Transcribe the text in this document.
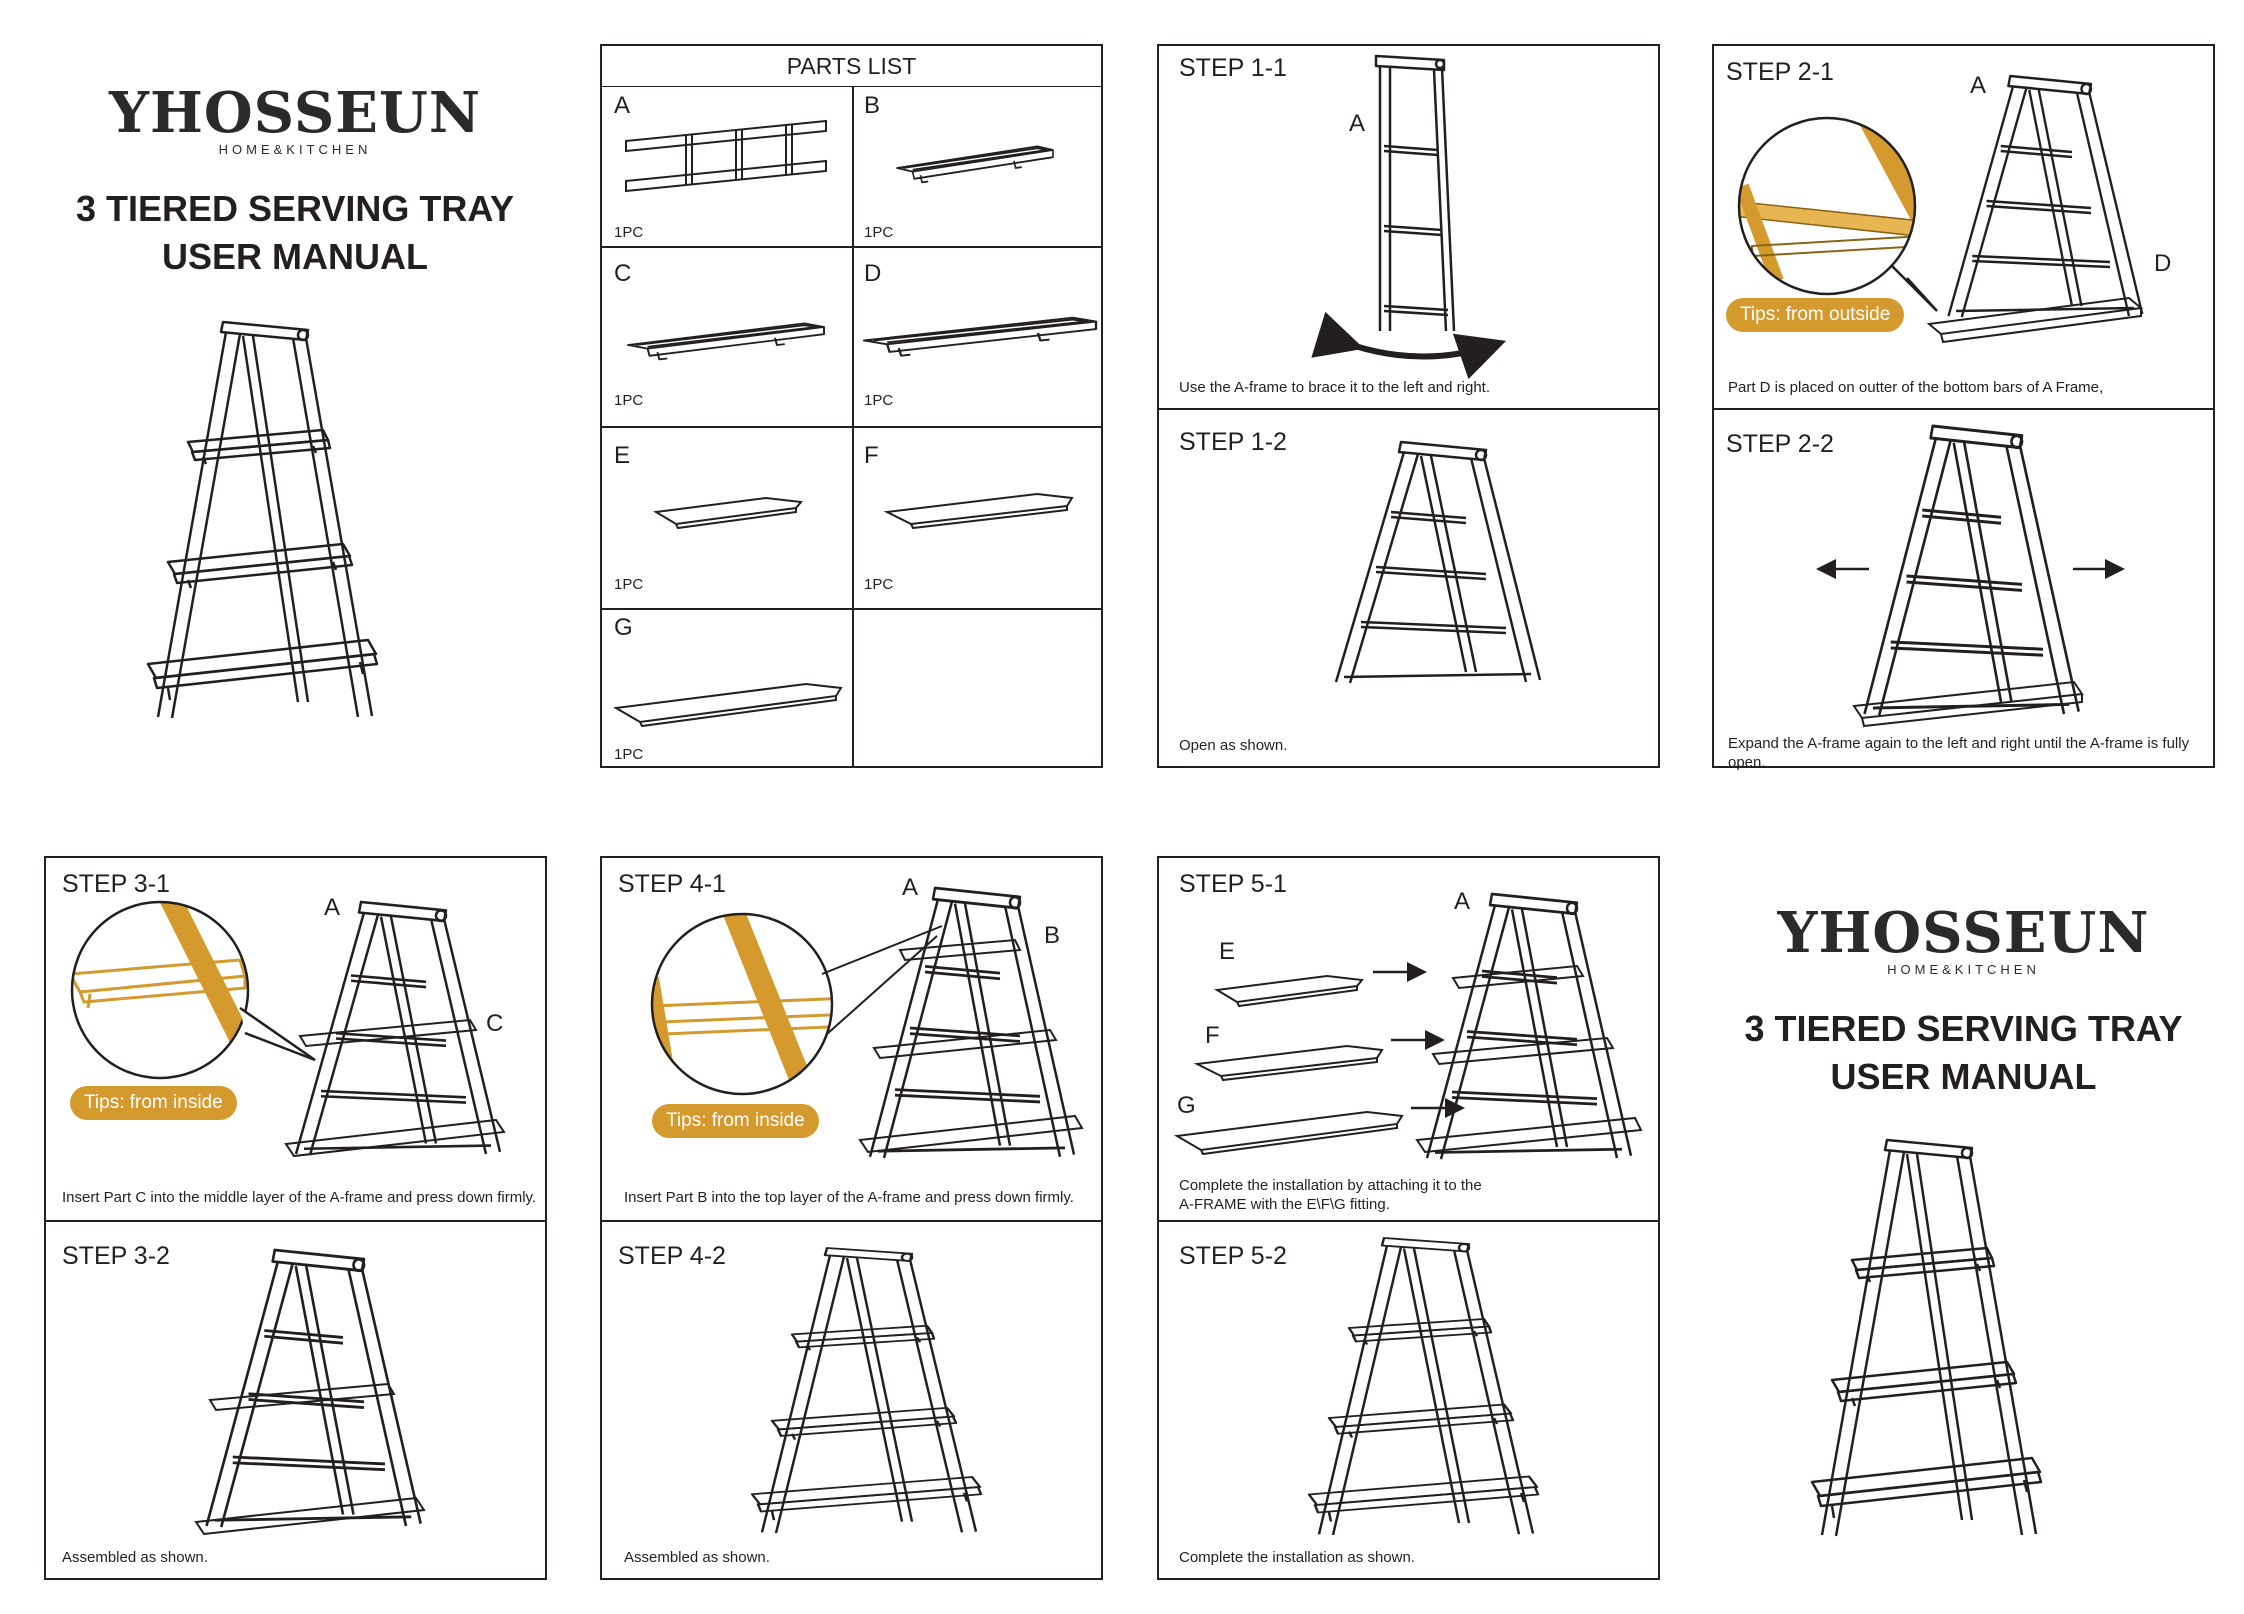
YHOSSEUN
HOME&KITCHEN
3 TIERED SERVING TRAY
USER MANUAL
PARTS LIST
A
1PC
B
1PC
C
1PC
D
1PC
E
1PC
F
1PC
G
1PC
STEP 1-1
A
Use the A-frame to brace it to the left and right.
STEP 1-2
Open as shown.
STEP 2-1	A
D
Tips: from outside
Part D is placed on outter of the bottom bars of A Frame,
STEP 2-2
Expand the A-frame again to the left and right until the A-frame is fully open.
STEP 3-1
A
C
Tips: from inside
Insert Part C into the middle layer of the A-frame and press down firmly.
STEP 3-2
Assembled as shown.
STEP 4-1	A
B
Tips: from inside
Insert Part B into the top layer of the A-frame and press down firmly.
STEP 4-2
Assembled as shown.
STEP 5-1
A
E
F
G
Complete the installation by attaching it to the
A-FRAME with the E\F\G fitting.
STEP 5-2
Complete the installation as shown.
YHOSSEUN
HOME&KITCHEN
3 TIERED SERVING TRAY
USER MANUAL
